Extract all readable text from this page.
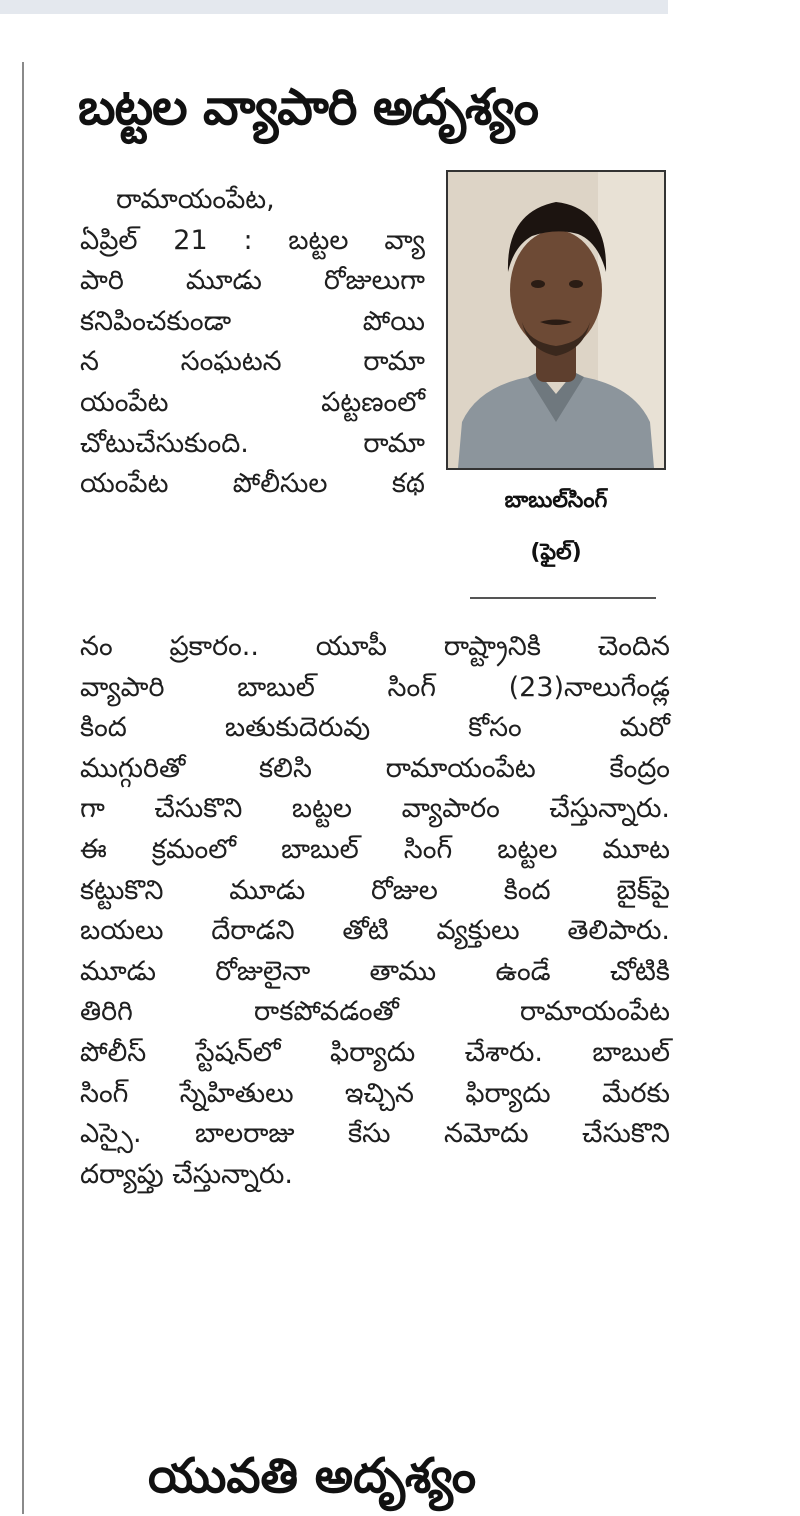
బట్టల వ్యాపారి అదృశ్యం

రామాయంపేట,

ఏప్రిల్ 21 : బట్టల వ్యా

పారి మూడు రోజులుగా

కనిపించకుండా పోయి

న సంఘటన రామా

యంపేట పట్టణంలో

చోటుచేసుకుంది. రామా

యంపేట పోలీసుల కథ

బాబుల్‌సింగ్
(ఫైల్)

నం ప్రకారం.. యూపీ రాష్ట్రానికి చెందిన

వ్యాపారి బాబుల్ సింగ్ (23)నాలుగేండ్ల

కింద బతుకుదెరువు కోసం మరో

ముగ్గురితో కలిసి రామాయంపేట కేంద్రం

గా చేసుకొని బట్టల వ్యాపారం చేస్తున్నారు.

ఈ క్రమంలో బాబుల్ సింగ్ బట్టల మూట

కట్టుకొని మూడు రోజుల కింద బైక్‌పై

బయలు దేరాడని తోటి వ్యక్తులు తెలిపారు.

మూడు రోజులైనా తాము ఉండే చోటికి

తిరిగి రాకపోవడంతో రామాయంపేట

పోలీస్ స్టేషన్‌లో ఫిర్యాదు చేశారు. బాబుల్

సింగ్ స్నేహితులు ఇచ్చిన ఫిర్యాదు మేరకు

ఎస్సై. బాలరాజు కేసు నమోదు చేసుకొని

దర్యాప్తు చేస్తున్నారు.

యువతి అదృశ్యం
